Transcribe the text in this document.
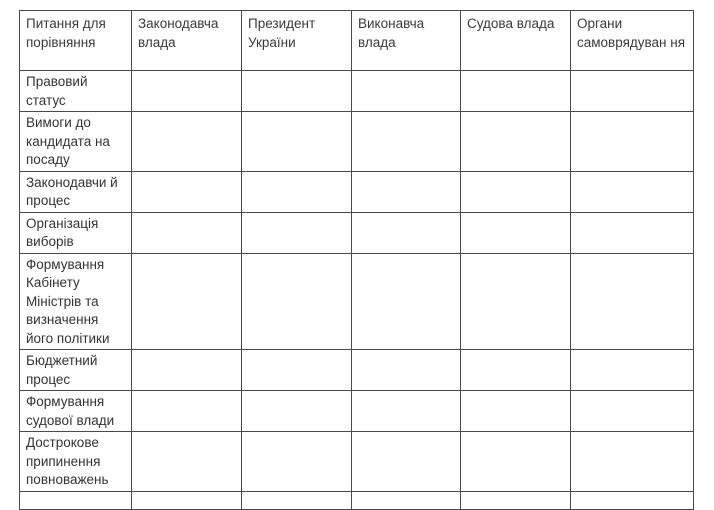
Питання для порівняння	Законодавча влада	Президент України	Виконавча влада	Судова влада	Органи самоврядуван ня
Правовий статус					
Вимоги до кандидата на посаду					
Законодавчи й процес					
Організація виборів					
Формування Кабінету Міністрів та визначення його політики					
Бюджетний процес					
Формування судової влади					
Дострокове припинення повноважень					
